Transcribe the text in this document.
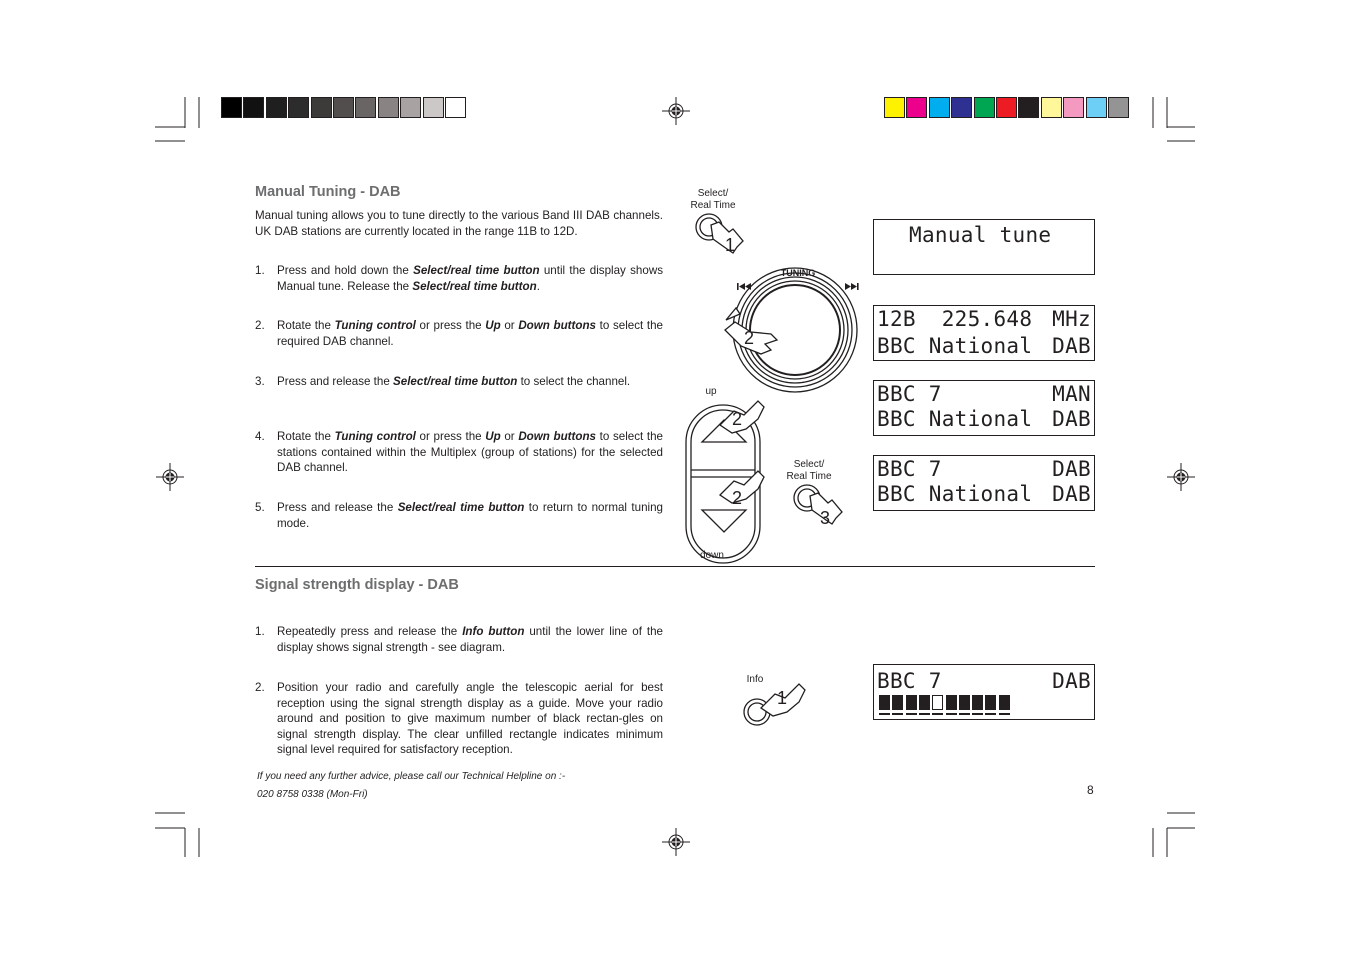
Manual Tuning - DAB
Manual tuning allows you to tune directly to the various Band III DAB channels. UK DAB stations are currently located in the range 11B to 12D.
1. Press and hold down the Select/real time button until the display shows Manual tune. Release the Select/real time button.
2. Rotate the Tuning control or press the Up or Down buttons to select the required DAB channel.
3. Press and release the Select/real time button to select the channel.
4. Rotate the Tuning control or press the Up or Down buttons to select the stations contained within the Multiplex (group of stations) for the selected DAB channel.
5. Press and release the Select/real time button to return to normal tuning mode.
Signal strength display - DAB
1. Repeatedly press and release the Info button until the lower line of the display shows signal strength - see diagram.
2. Position your radio and carefully angle the telescopic aerial for best reception using the signal strength display as a guide. Move your radio around and position to give maximum number of black rectan-gles on signal strength display. The clear unfilled rectangle indicates minimum signal level required for satisfactory reception.
If you need any further advice, please call our Technical Helpline on :-
020 8758 0338 (Mon-Fri)	8
Select/
Real Time
TUNING
up
down
Select/
Real Time
Info
1
2
2
2
3
1
Manual tune
12B  225.648 MHz
BBC National DAB
BBC 7	MAN
BBC National DAB
BBC 7	DAB
BBC National DAB
BBC 7	DAB
